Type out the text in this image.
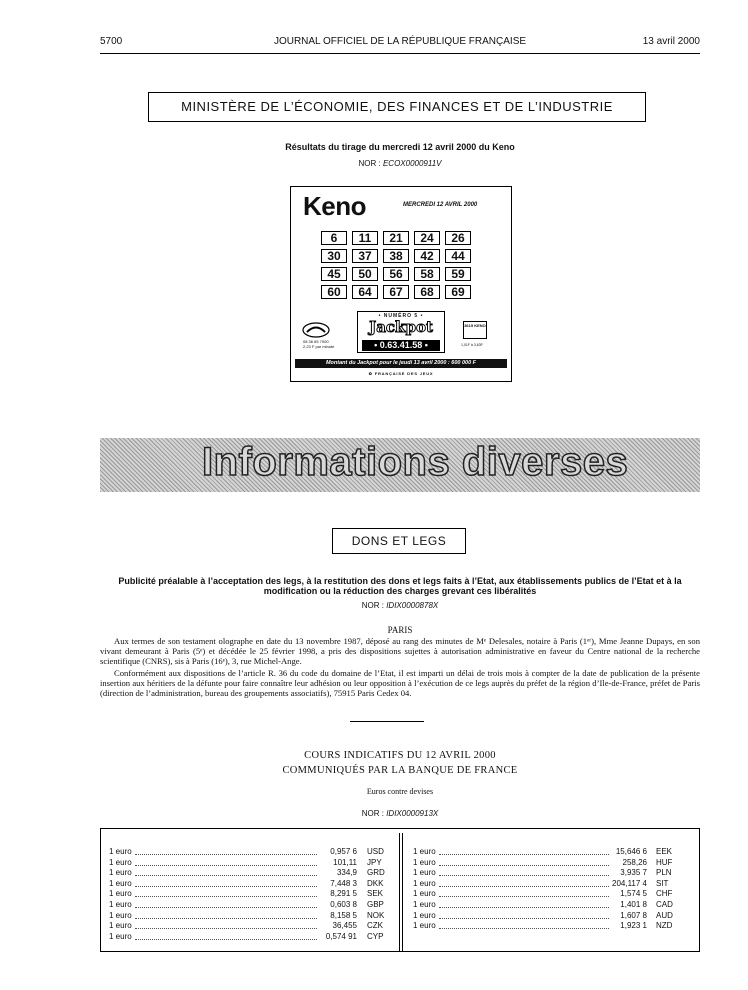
5700	JOURNAL OFFICIEL DE LA RÉPUBLIQUE FRANÇAISE	13 avril 2000
MINISTÈRE DE L’ÉCONOMIE, DES FINANCES ET DE L’INDUSTRIE
Résultats du tirage du mercredi 12 avril 2000 du Keno
NOR : ECOX0000911V
Keno	MERCREDI 12 AVRIL 2000
6	11	21	24	26
30	37	38	42	44
45	50	56	58	59
60	64	67	68	69
08 36 65 7000
2,23 F par minute
• NUMÉRO 5 •
Jackpot
• 0.63.41.58 •
3615 KENO
1,01F à 3,63F
Montant du Jackpot pour le jeudi 13 avril 2000 : 600 000 F
✿ FRANÇAISE DES JEUX
Informations diverses
DONS ET LEGS
Publicité préalable à l’acceptation des legs, à la restitution des dons et legs faits à l’Etat, aux établissements publics de l’Etat et à la modification ou la réduction des charges grevant ces libéralités
NOR : IDIX0000878X
PARIS
Aux termes de son testament olographe en date du 13 novembre 1987, déposé au rang des minutes de Mᵉ Delesales, notaire à Paris (1ᵉʳ), Mme Jeanne Dupays, en son vivant demeurant à Paris (5ᵉ) et décédée le 25 février 1998, a pris des dispositions sujettes à autorisation administrative en faveur du Centre national de la recherche scientifique (CNRS), sis à Paris (16ᵉ), 3, rue Michel-Ange.
Conformément aux dispositions de l’article R. 36 du code du domaine de l’Etat, il est imparti un délai de trois mois à compter de la date de publication de la présente insertion aux héritiers de la défunte pour faire connaître leur adhésion ou leur opposition à l’exécution de ce legs auprès du préfet de la région d’Ile-de-France, préfet de Paris (direction de l’administration, bureau des groupements associatifs), 75915 Paris Cedex 04.
COURS INDICATIFS DU 12 AVRIL 2000
COMMUNIQUÉS PAR LA BANQUE DE FRANCE
Euros contre devises
NOR : IDIX0000913X
1 euro	0,957 6 USD
1 euro	101,11 JPY
1 euro	334,9 GRD
1 euro	7,448 3 DKK
1 euro	8,291 5 SEK
1 euro	0,603 8 GBP
1 euro	8,158 5 NOK
1 euro	36,455 CZK
1 euro	0,574 91 CYP
1 euro	15,646 6 EEK
1 euro	258,26 HUF
1 euro	3,935 7 PLN
1 euro	204,117 4 SIT
1 euro	1,574 5 CHF
1 euro	1,401 8 CAD
1 euro	1,607 8 AUD
1 euro	1,923 1 NZD
